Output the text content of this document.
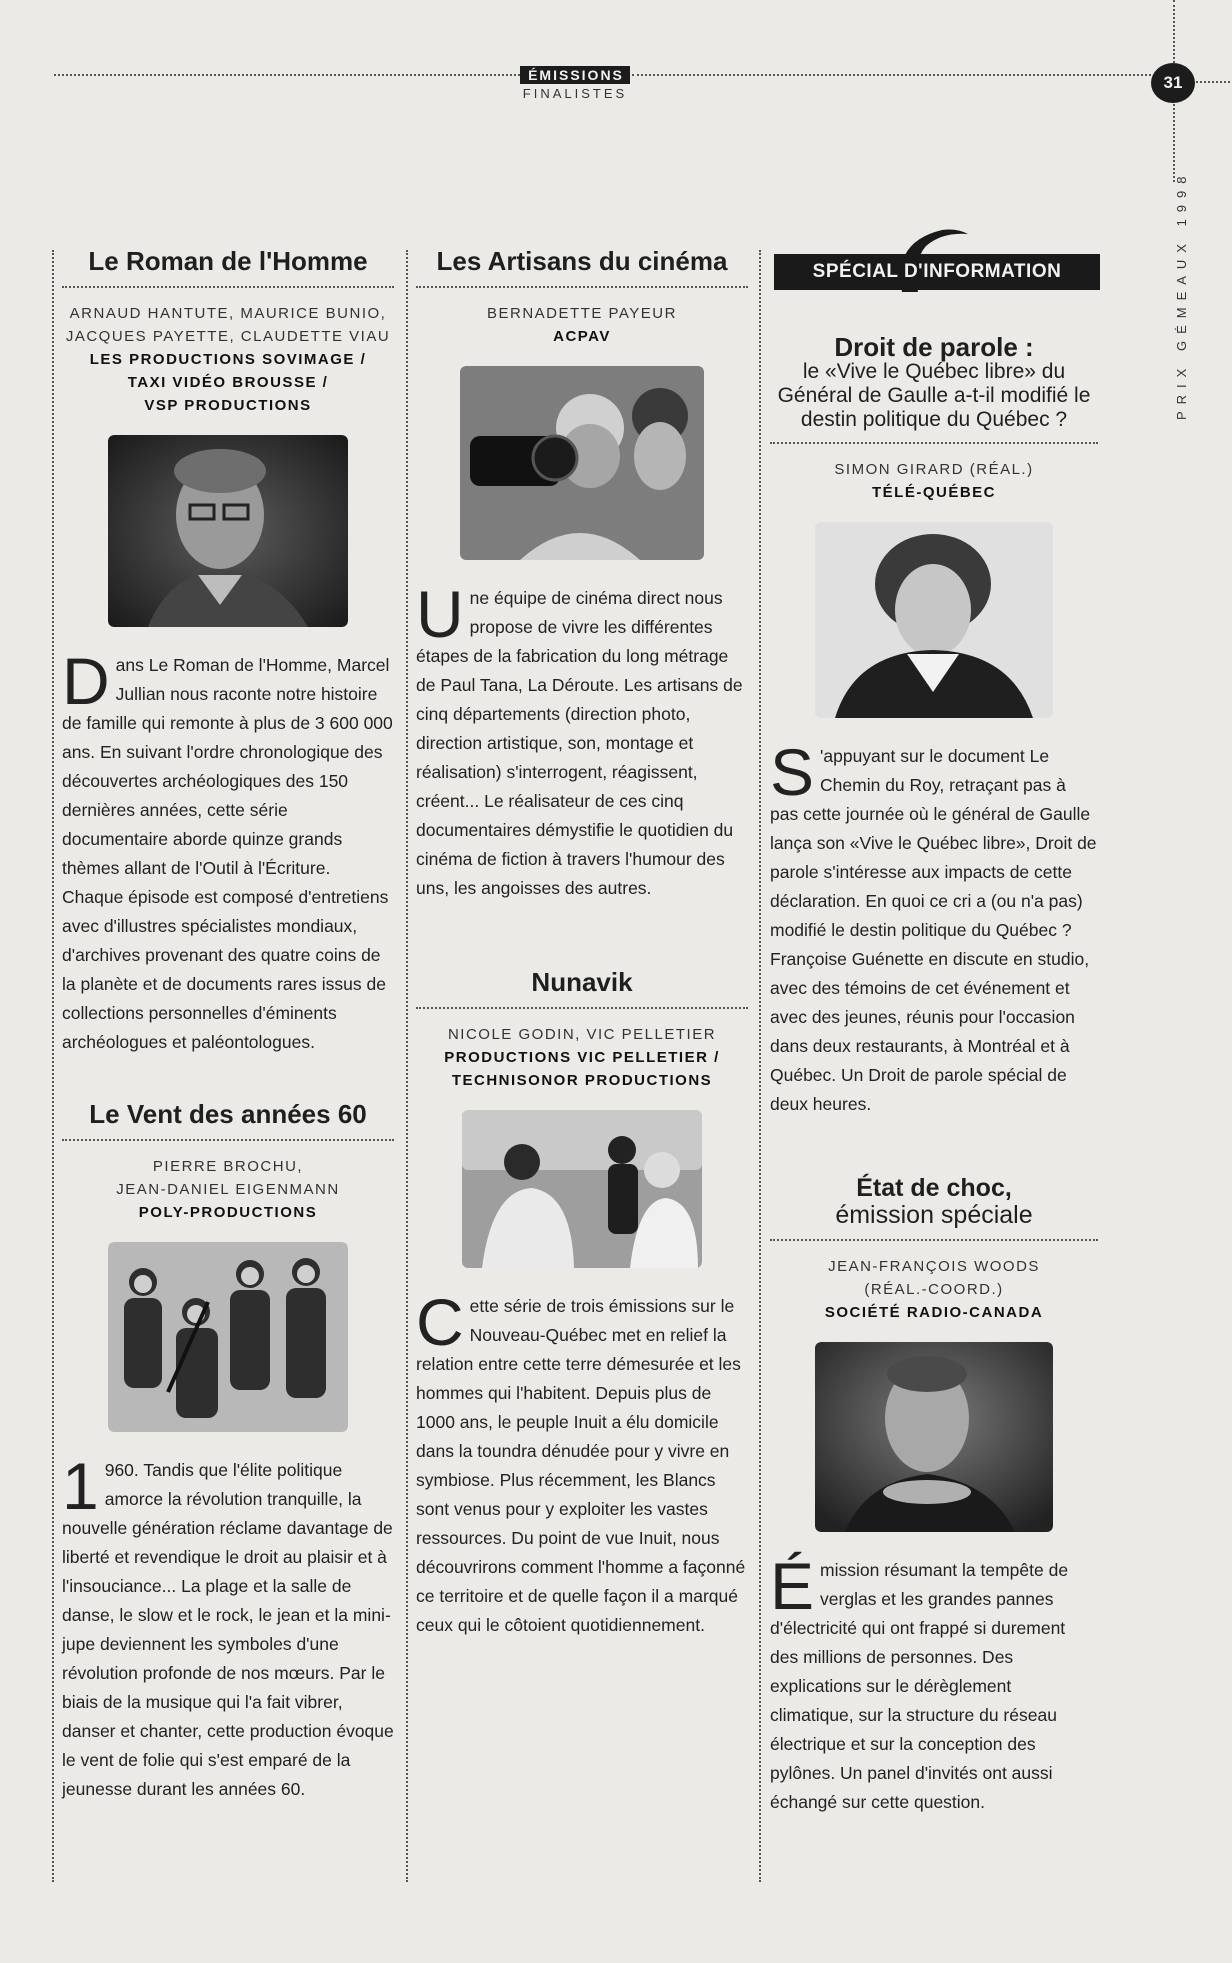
ÉMISSIONS
FINALISTES
31
PRIX GÉMEAUX 1998
Le Roman de l'Homme
ARNAUD HANTUTE, MAURICE BUNIO,
JACQUES PAYETTE, CLAUDETTE VIAU
LES PRODUCTIONS SOVIMAGE /
TAXI VIDÉO BROUSSE /
VSP PRODUCTIONS

Dans Le Roman de l'Homme, Marcel Jullian nous raconte notre histoire de famille qui remonte à plus de 3 600 000 ans. En suivant l'ordre chronologique des découvertes archéologiques des 150 dernières années, cette série documentaire aborde quinze grands thèmes allant de l'Outil à l'Écriture. Chaque épisode est composé d'entretiens avec d'illustres spécialistes mondiaux, d'archives provenant des quatre coins de la planète et de documents rares issus de collections personnelles d'éminents archéologues et paléontologues.

Le Vent des années 60
PIERRE BROCHU,
JEAN-DANIEL EIGENMANN
POLY-PRODUCTIONS

1 960. Tandis que l'élite politique amorce la révolution tranquille, la nouvelle génération réclame davantage de liberté et revendique le droit au plaisir et à l'insouciance... La plage et la salle de danse, le slow et le rock, le jean et la mini-jupe deviennent les symboles d'une révolution profonde de nos mœurs. Par le biais de la musique qui l'a fait vibrer, danser et chanter, cette production évoque le vent de folie qui s'est emparé de la jeunesse durant les années 60.

Les Artisans du cinéma
BERNADETTE PAYEUR
ACPAV

Une équipe de cinéma direct nous propose de vivre les différentes étapes de la fabrication du long métrage de Paul Tana, La Déroute. Les artisans de cinq départements (direction photo, direction artistique, son, montage et réalisation) s'interrogent, réagissent, créent... Le réalisateur de ces cinq documentaires démystifie le quotidien du cinéma de fiction à travers l'humour des uns, les angoisses des autres.

Nunavik
NICOLE GODIN, VIC PELLETIER
PRODUCTIONS VIC PELLETIER /
TECHNISONOR PRODUCTIONS

Cette série de trois émissions sur le Nouveau-Québec met en relief la relation entre cette terre démesurée et les hommes qui l'habitent. Depuis plus de 1000 ans, le peuple Inuit a élu domicile dans la toundra dénudée pour y vivre en symbiose. Plus récemment, les Blancs sont venus pour y exploiter les vastes ressources. Du point de vue Inuit, nous découvrirons comment l'homme a façonné ce territoire et de quelle façon il a marqué ceux qui le côtoient quotidiennement.

SPÉCIAL D'INFORMATION
Droit de parole :
le «Vive le Québec libre» du Général de Gaulle a-t-il modifié le destin politique du Québec ?
SIMON GIRARD (RÉAL.)
TÉLÉ-QUÉBEC

S 'appuyant sur le document Le Chemin du Roy, retraçant pas à pas cette journée où le général de Gaulle lança son «Vive le Québec libre», Droit de parole s'intéresse aux impacts de cette déclaration. En quoi ce cri a (ou n'a pas) modifié le destin politique du Québec ? Françoise Guénette en discute en studio, avec des témoins de cet événement et avec des jeunes, réunis pour l'occasion dans deux restaurants, à Montréal et à Québec. Un Droit de parole spécial de deux heures.

État de choc,
émission spéciale
JEAN-FRANÇOIS WOODS
(RÉAL.-COORD.)
SOCIÉTÉ RADIO-CANADA

Émission résumant la tempête de verglas et les grandes pannes d'électricité qui ont frappé si durement des millions de personnes. Des explications sur le dérèglement climatique, sur la structure du réseau électrique et sur la conception des pylônes. Un panel d'invités ont aussi échangé sur cette question.
